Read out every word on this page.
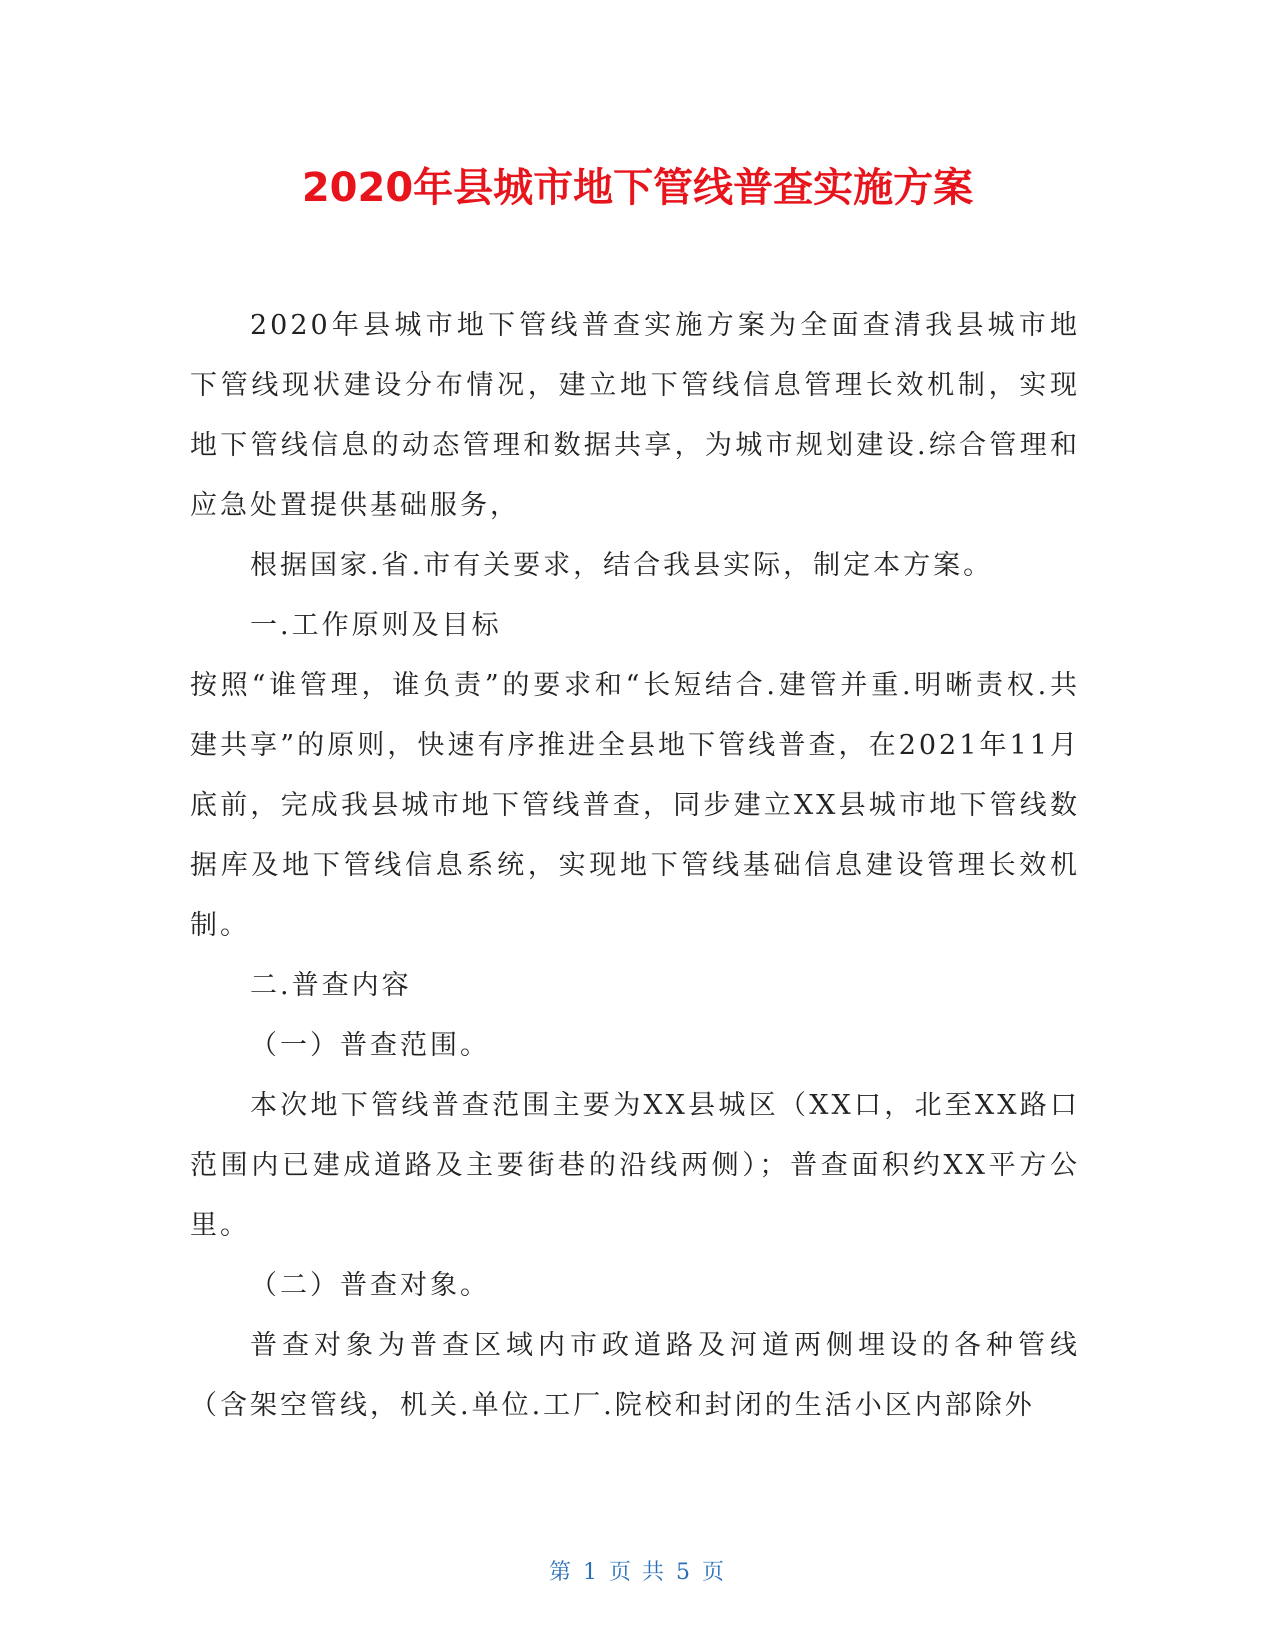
2020年县城市地下管线普查实施方案

2020年县城市地下管线普查实施方案为全面查清我县城市地下管线现状建设分布情况，建立地下管线信息管理长效机制，实现地下管线信息的动态管理和数据共享，为城市规划建设.综合管理和应急处置提供基础服务，

根据国家.省.市有关要求，结合我县实际，制定本方案。

一.工作原则及目标

按照“谁管理，谁负责”的要求和“长短结合.建管并重.明晰责权.共建共享”的原则，快速有序推进全县地下管线普查，在2021年11月底前，完成我县城市地下管线普查，同步建立XX县城市地下管线数据库及地下管线信息系统，实现地下管线基础信息建设管理长效机制。

二.普查内容

（一）普查范围。

本次地下管线普查范围主要为XX县城区（XX口，北至XX路口范围内已建成道路及主要街巷的沿线两侧）；普查面积约XX平方公里。

（二）普查对象。

普查对象为普查区域内市政道路及河道两侧埋设的各种管线（含架空管线，机关.单位.工厂.院校和封闭的生活小区内部除外

第 1 页 共 5 页
